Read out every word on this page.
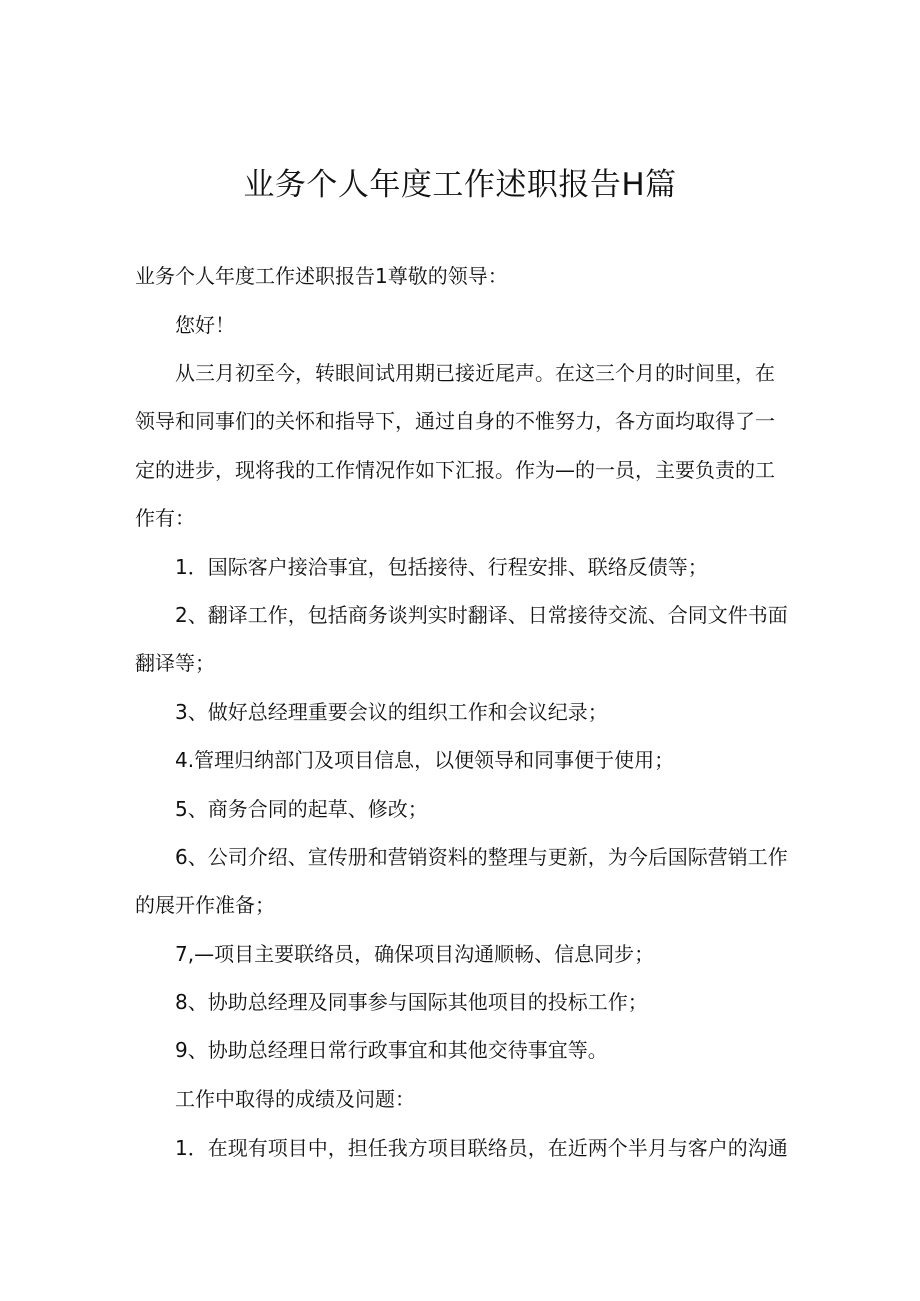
业务个人年度工作述职报告H篇
业务个人年度工作述职报告1尊敬的领导：
您好！
从三月初至今，转眼间试用期已接近尾声。在这三个月的时间里，在
领导和同事们的关怀和指导下，通过自身的不惟努力，各方面均取得了一
定的进步，现将我的工作情况作如下汇报。作为—的一员，主要负责的工
作有：
1．国际客户接洽事宜，包括接待、行程安排、联络反债等；
2、翻译工作，包括商务谈判实时翻译、日常接待交流、合同文件书面
翻译等；
3、做好总经理重要会议的组织工作和会议纪录；
4.管理归纳部门及项目信息，以便领导和同事便于使用；
5、商务合同的起草、修改；
6、公司介绍、宣传册和营销资料的整理与更新，为今后国际营销工作
的展开作准备；
7,—项目主要联络员，确保项目沟通顺畅、信息同步；
8、协助总经理及同事参与国际其他项目的投标工作；
9、协助总经理日常行政事宜和其他交待事宜等。
工作中取得的成绩及问题：
1．在现有项目中，担任我方项目联络员，在近两个半月与客户的沟通
